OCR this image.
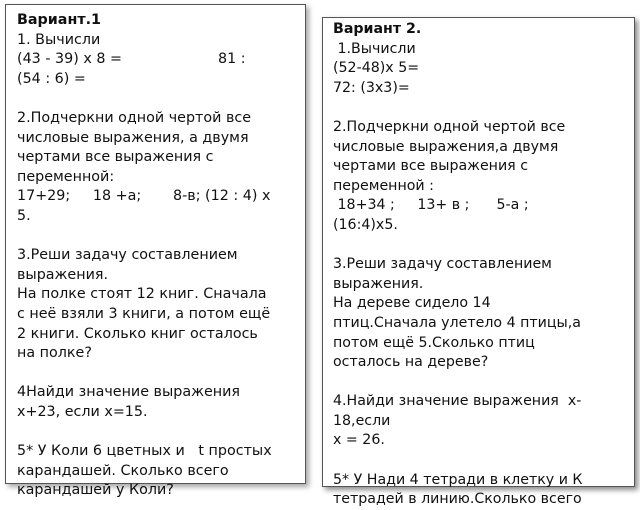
Вариант.1

1. Вычисли

(43 - 39) х 8 =	81 :

(54 : 6) =

2.Подчеркни одной чертой все

числовые выражения, а двумя

чертами все выражения с

переменной:

17+29;     18 +а;       8-в; (12 : 4) х

5.

3.Реши задачу составлением

выражения.

На полке стоят 12 книг. Сначала

с неё взяли 3 книги, а потом ещё

2 книги. Сколько книг осталось

на полке?

4Найди значение выражения

х+23, если х=15.

5* У Коли 6 цветных и   t простых

карандашей. Сколько всего

карандашей у Коли?

Вариант 2.

1.Вычисли

(52-48)х 5=

72: (3х3)=

2.Подчеркни одной чертой все

числовые выражения,а двумя

чертами все выражения с

переменной :

18+34 ;     13+ в ;      5-а ;

(16:4)х5.

3.Реши задачу составлением

выражения.

На дереве сидело 14

птиц.Сначала улетело 4 птицы,а

потом ещё 5.Сколько птиц

осталось на дереве?

4.Найди значение выражения  х-

18,если

х = 26.

5* У Нади 4 тетради в клетку и К

тетрадей в линию.Сколько всего
